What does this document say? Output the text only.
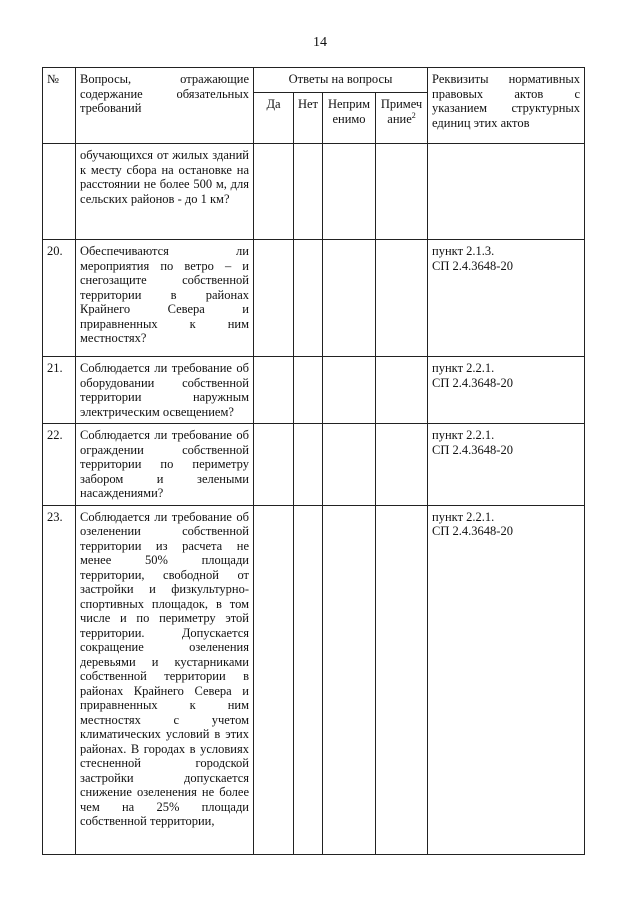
14
№	Вопросы, отражающие содержание обязательных требований	Ответы на вопросы				Реквизиты нормативных правовых актов с указанием структурных единиц этих актов
		Да	Нет	Неприм енимо	Примеч ание$^2$
	обучающихся от жилых зданий к месту сбора на остановке на расстоянии не более 500 м, для сельских районов - до 1 км?					

20.	Обеспечиваются ли мероприятия по ветро – и снегозащите собственной территории в районах Крайнего Севера и приравненных к ним местностях?					пункт 2.1.3.
СП 2.4.3648-20

21.	Соблюдается ли требование об оборудовании собственной территории наружным электрическим освещением?					пункт 2.2.1.
СП 2.4.3648-20

22.	Соблюдается ли требование об ограждении собственной территории по периметру забором и зелеными насаждениями?					пункт 2.2.1.
СП 2.4.3648-20

23.	Соблюдается ли требование об озеленении собственной территории из расчета не менее 50% площади территории, свободной от застройки и физкультурно-спортивных площадок, в том числе и по периметру этой территории. Допускается сокращение озеленения деревьями и кустарниками собственной территории в районах Крайнего Севера и приравненных к ним местностях с учетом климатических условий в этих районах. В городах в условиях стесненной городской застройки допускается снижение озеленения не более чем на 25% площади собственной территории,					пункт 2.2.1.
СП 2.4.3648-20
